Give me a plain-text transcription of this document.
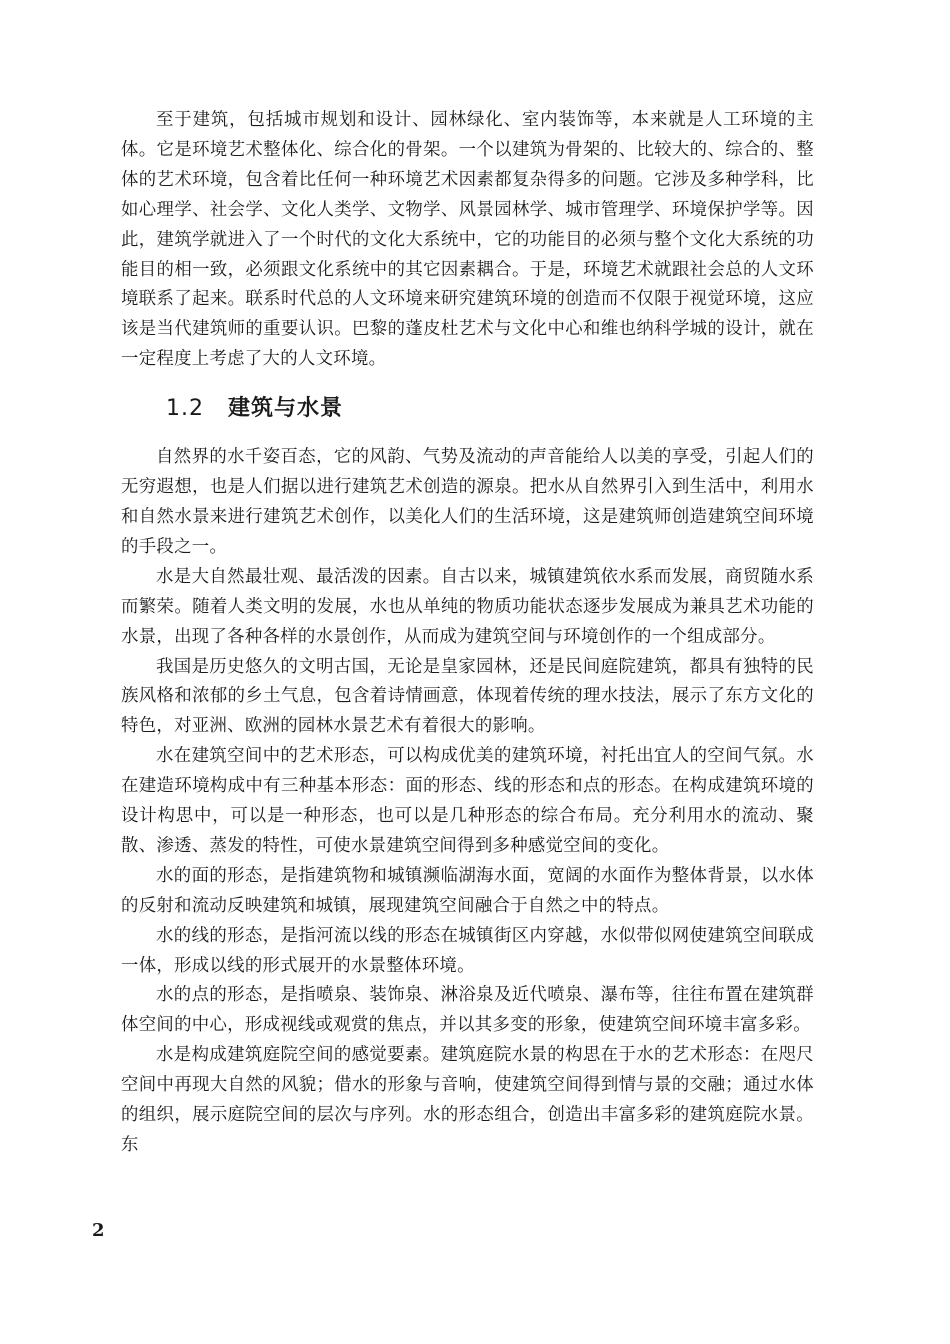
至于建筑，包括城市规划和设计、园林绿化、室内装饰等，本来就是人工环境的主体。它是环境艺术整体化、综合化的骨架。一个以建筑为骨架的、比较大的、综合的、整体的艺术环境，包含着比任何一种环境艺术因素都复杂得多的问题。它涉及多种学科，比如心理学、社会学、文化人类学、文物学、风景园林学、城市管理学、环境保护学等。因此，建筑学就进入了一个时代的文化大系统中，它的功能目的必须与整个文化大系统的功能目的相一致，必须跟文化系统中的其它因素耦合。于是，环境艺术就跟社会总的人文环境联系了起来。联系时代总的人文环境来研究建筑环境的创造而不仅限于视觉环境，这应该是当代建筑师的重要认识。巴黎的蓬皮杜艺术与文化中心和维也纳科学城的设计，就在一定程度上考虑了大的人文环境。

1.2	建筑与水景

自然界的水千姿百态，它的风韵、气势及流动的声音能给人以美的享受，引起人们的无穷遐想，也是人们据以进行建筑艺术创造的源泉。把水从自然界引入到生活中，利用水和自然水景来进行建筑艺术创作，以美化人们的生活环境，这是建筑师创造建筑空间环境的手段之一。

水是大自然最壮观、最活泼的因素。自古以来，城镇建筑依水系而发展，商贸随水系而繁荣。随着人类文明的发展，水也从单纯的物质功能状态逐步发展成为兼具艺术功能的水景，出现了各种各样的水景创作，从而成为建筑空间与环境创作的一个组成部分。

我国是历史悠久的文明古国，无论是皇家园林，还是民间庭院建筑，都具有独特的民族风格和浓郁的乡土气息，包含着诗情画意，体现着传统的理水技法，展示了东方文化的特色，对亚洲、欧洲的园林水景艺术有着很大的影响。

水在建筑空间中的艺术形态，可以构成优美的建筑环境，衬托出宜人的空间气氛。水在建造环境构成中有三种基本形态：面的形态、线的形态和点的形态。在构成建筑环境的设计构思中，可以是一种形态，也可以是几种形态的综合布局。充分利用水的流动、聚散、渗透、蒸发的特性，可使水景建筑空间得到多种感觉空间的变化。

水的面的形态，是指建筑物和城镇濒临湖海水面，宽阔的水面作为整体背景，以水体的反射和流动反映建筑和城镇，展现建筑空间融合于自然之中的特点。

水的线的形态，是指河流以线的形态在城镇街区内穿越，水似带似网使建筑空间联成一体，形成以线的形式展开的水景整体环境。

水的点的形态，是指喷泉、装饰泉、淋浴泉及近代喷泉、瀑布等，往往布置在建筑群体空间的中心，形成视线或观赏的焦点，并以其多变的形象，使建筑空间环境丰富多彩。

水是构成建筑庭院空间的感觉要素。建筑庭院水景的构思在于水的艺术形态：在咫尺空间中再现大自然的风貌；借水的形象与音响，使建筑空间得到情与景的交融；通过水体的组织，展示庭院空间的层次与序列。水的形态组合，创造出丰富多彩的建筑庭院水景。东

2
